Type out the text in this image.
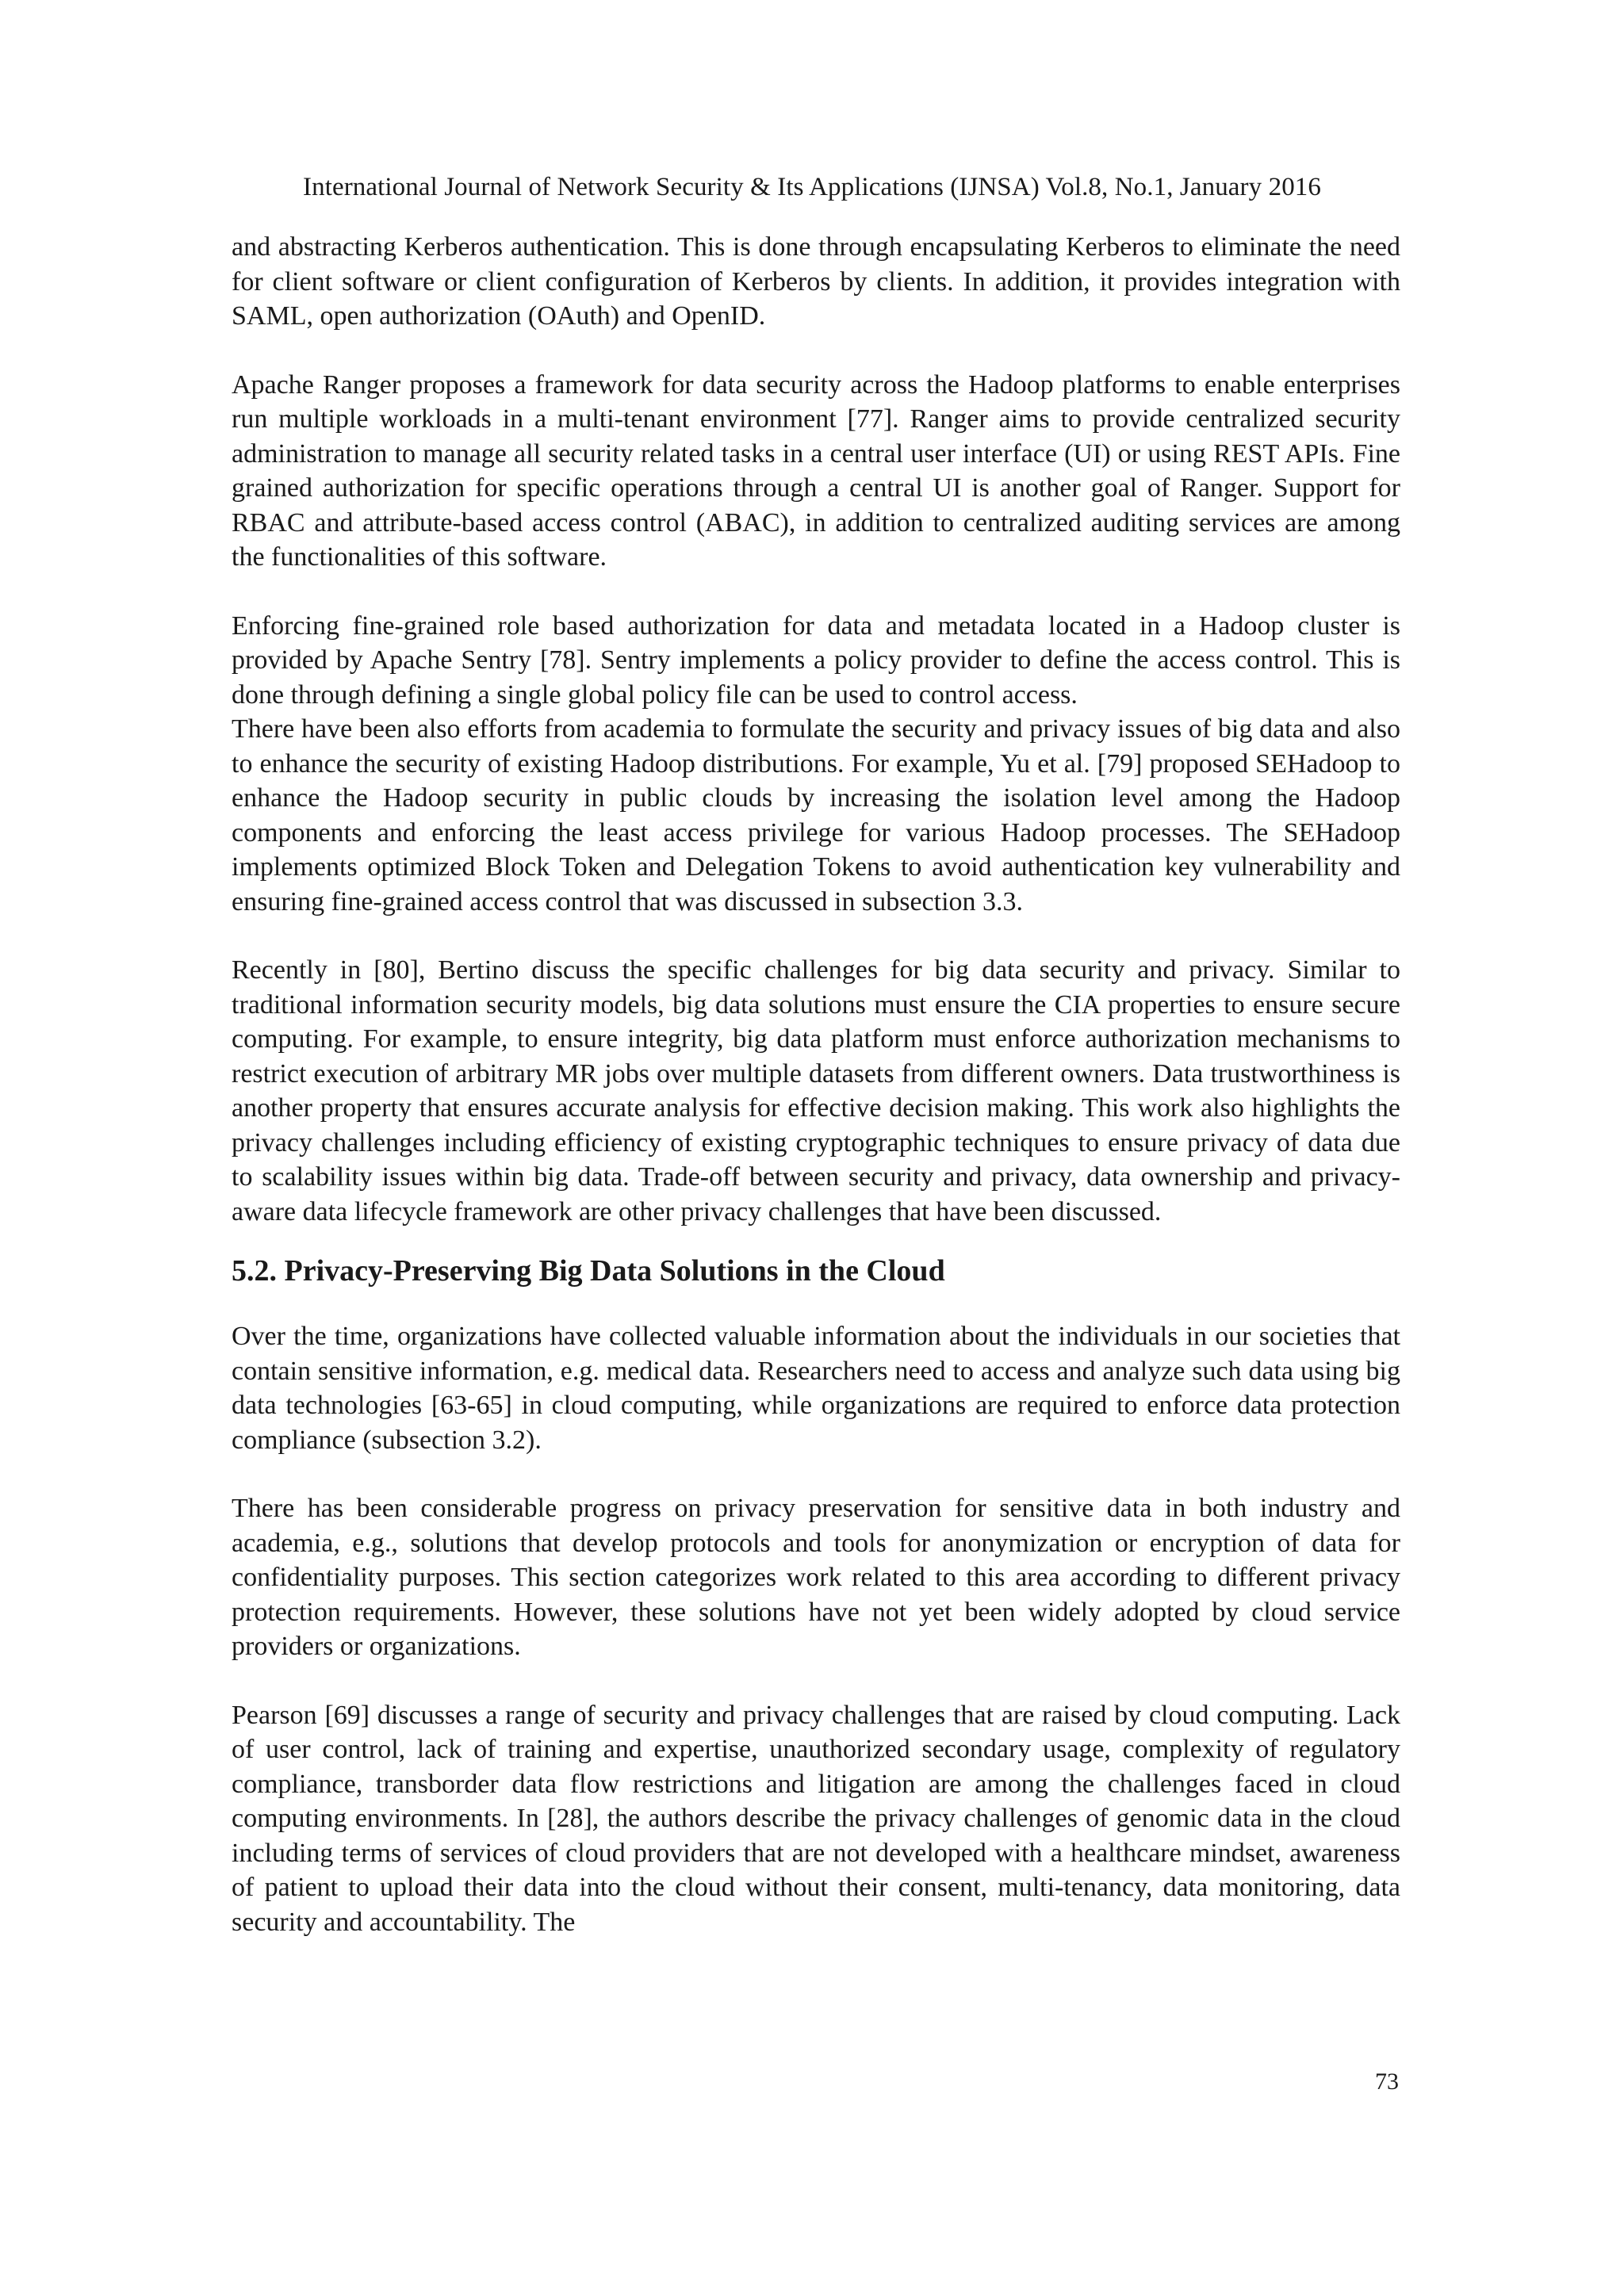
International Journal of Network Security & Its Applications (IJNSA) Vol.8, No.1, January 2016

and abstracting Kerberos authentication. This is done through encapsulating Kerberos to eliminate the need for client software or client configuration of Kerberos by clients. In addition, it provides integration with SAML, open authorization (OAuth) and OpenID.

Apache Ranger proposes a framework for data security across the Hadoop platforms to enable enterprises run multiple workloads in a multi-tenant environment [77]. Ranger aims to provide centralized security administration to manage all security related tasks in a central user interface (UI) or using REST APIs. Fine grained authorization for specific operations through a central UI is another goal of Ranger. Support for RBAC and attribute-based access control (ABAC), in addition to centralized auditing services are among the functionalities of this software.

Enforcing fine-grained role based authorization for data and metadata located in a Hadoop cluster is provided by Apache Sentry [78]. Sentry implements a policy provider to define the access control. This is done through defining a single global policy file can be used to control access.

There have been also efforts from academia to formulate the security and privacy issues of big data and also to enhance the security of existing Hadoop distributions. For example, Yu et al. [79] proposed SEHadoop to enhance the Hadoop security in public clouds by increasing the isolation level among the Hadoop components and enforcing the least access privilege for various Hadoop processes. The SEHadoop implements optimized Block Token and Delegation Tokens to avoid authentication key vulnerability and ensuring fine-grained access control that was discussed in subsection 3.3.

Recently in [80], Bertino discuss the specific challenges for big data security and privacy. Similar to traditional information security models, big data solutions must ensure the CIA properties to ensure secure computing. For example, to ensure integrity, big data platform must enforce authorization mechanisms to restrict execution of arbitrary MR jobs over multiple datasets from different owners. Data trustworthiness is another property that ensures accurate analysis for effective decision making. This work also highlights the privacy challenges including efficiency of existing cryptographic techniques to ensure privacy of data due to scalability issues within big data. Trade-off between security and privacy, data ownership and privacy-aware data lifecycle framework are other privacy challenges that have been discussed.

5.2. Privacy-Preserving Big Data Solutions in the Cloud

Over the time, organizations have collected valuable information about the individuals in our societies that contain sensitive information, e.g. medical data. Researchers need to access and analyze such data using big data technologies [63-65] in cloud computing, while organizations are required to enforce data protection compliance (subsection 3.2).

There has been considerable progress on privacy preservation for sensitive data in both industry and academia, e.g., solutions that develop protocols and tools for anonymization or encryption of data for confidentiality purposes. This section categorizes work related to this area according to different privacy protection requirements. However, these solutions have not yet been widely adopted by cloud service providers or organizations.

Pearson [69] discusses a range of security and privacy challenges that are raised by cloud computing. Lack of user control, lack of training and expertise, unauthorized secondary usage, complexity of regulatory compliance, transborder data flow restrictions and litigation are among the challenges faced in cloud computing environments. In [28], the authors describe the privacy challenges of genomic data in the cloud including terms of services of cloud providers that are not developed with a healthcare mindset, awareness of patient to upload their data into the cloud without their consent, multi-tenancy, data monitoring, data security and accountability. The

73
